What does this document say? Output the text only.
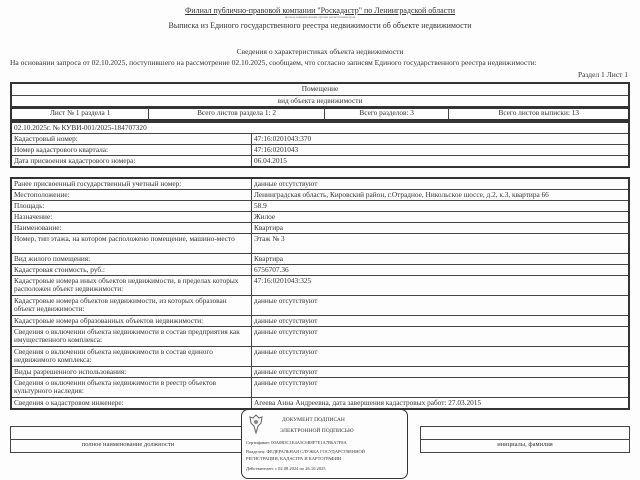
Филиал публично-правовой компании "Роскадастр" по Ленинградской области
полное наименование органа регистрации прав
Выписка из Единого государственного реестра недвижимости об объекте недвижимости
Сведения о характеристиках объекта недвижимости
На основании запроса от 02.10.2025, поступившего на рассмотрение 02.10.2025, сообщаем, что согласно записям Единого государственного реестра недвижимости:
Раздел 1 Лист 1
Помещение
вид объекта недвижимости
Лист № 1 раздела 1	Всего листов раздела 1: 2	Всего разделов: 3	Всего листов выписки: 13
02.10.2025г. № КУВИ-001/2025-184707320	
Кадастровый номер:	47:16:0201043:370
Номер кадастрового квартала:	47:16:0201043
Дата присвоения кадастрового номера:	06.04.2015
Ранее присвоенный государственный учетный номер:	данные отсутствуют
Местоположение:	Ленинградская область, Кировский район, г.Отрадное, Никольское шоссе, д.2, к.3, квартира 66
Площадь:	58.9
Назначение:	Жилое
Наименование:	Квартира
Номер, тип этажа, на котором расположено помещение, машино-место	Этаж № 3
Вид жилого помещения:	Квартира
Кадастровая стоимость, руб.:	6756707.36
Кадастровые номера иных объектов недвижимости, в пределах которых расположен объект недвижимости:	47:16:0201043:325
Кадастровые номера объектов недвижимости, из которых образован объект недвижимости:	данные отсутствуют
Кадастровые номера образованных объектов недвижимости:	данные отсутствуют
Сведения о включении объекта недвижимости в состав предприятия как имущественного комплекса:	данные отсутствуют
Сведения о включении объекта недвижимости в состав единого недвижимого комплекса:	данные отсутствуют
Виды разрешенного использования:	данные отсутствуют
Сведения о включении объекта недвижимости в реестр объектов культурного наследия:	данные отсутствуют
Сведения о кадастровом инженере:	Агеева Анна Андреевна, дата завершения кадастровых работ: 27.03.2015

полное наименование должности		инициалы, фамилия
ДОКУМЕНТ ПОДПИСАН
ЭЛЕКТРОННОЙ ПОДПИСЬЮ
Сертификат: 00A0B3C1E4A5C6B8F7E1A7B6A7F8A
Владелец: ФЕДЕРАЛЬНАЯ СЛУЖБА ГОСУДАРСТВЕННОЙ РЕГИСТРАЦИИ, КАДАСТРА И КАРТОГРАФИИ
Действителен: с 02.08.2024 по 26.10.2025
